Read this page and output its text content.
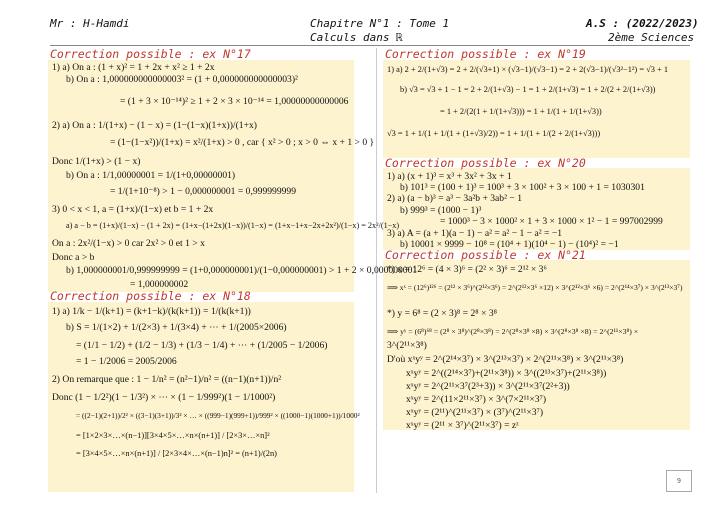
Mr : H-Hamdi	Chapitre N°1 : Tome 1
Calculs dans ℝ
A.S : (2022/2023)
2ème Sciences
Correction possible : ex N°17
1) a) On a : (1 + x)² = 1 + 2x + x² ≥ 1 + 2x
b) On a : 1,000000000000003² = (1 + 0,000000000000003)²
= (1 + 3 × 10⁻¹⁴)² ≥ 1 + 2 × 3 × 10⁻¹⁴ = 1,00000000000006
2) a) On a : 1/(1+x) − (1 − x) = (1−(1−x)(1+x))/(1+x)
= (1−(1−x²))/(1+x) = x²/(1+x) > 0 , car { x² > 0 ; x > 0 ⇔ x + 1 > 0 }
Donc 1/(1+x) > (1 − x)
b) On a : 1/1,00000001 = 1/(1+0,00000001)
= 1/(1+10⁻⁸) > 1 − 0,000000001 = 0,999999999
3) 0 < x < 1, a = (1+x)/(1−x) et b = 1 + 2x
a) a − b = (1+x)/(1−x) − (1 + 2x) = (1+x−(1+2x)(1−x))/(1−x) = (1+x−1+x−2x+2x²)/(1−x) = 2x²/(1−x)
On a : 2x²/(1−x) > 0 car 2x² > 0 et 1 > x
Donc a > b
b) 1,000000001/0,999999999 = (1+0,000000001)/(1−0,000000001) > 1 + 2 × 0,000000001
= 1,000000002
Correction possible : ex N°18
1) a) 1/k − 1/(k+1) = (k+1−k)/(k(k+1)) = 1/(k(k+1))
b) S = 1/(1×2) + 1/(2×3) + 1/(3×4) + ⋯ + 1/(2005×2006)
= (1/1 − 1/2) + (1/2 − 1/3) + (1/3 − 1/4) + ⋯ + (1/2005 − 1/2006)
= 1 − 1/2006 = 2005/2006
2) On remarque que : 1 − 1/n² = (n²−1)/n² = ((n−1)(n+1))/n²
Donc (1 − 1/2²)(1 − 1/3²) × ⋯ × (1 − 1/999²)(1 − 1/1000²)
= ((2−1)(2+1))/2² × ((3−1)(3+1))/3² × … × ((999−1)(999+1))/999² × ((1000−1)(1000+1))/1000²
= [1×2×3×…×(n−1)][3×4×5×…×n×(n+1)] / [2×3×…×n]²
= [3×4×5×…×n×(n+1)] / [2×3×4×…×(n−1)n]² = (n+1)/(2n)
Correction possible : ex N°19
1) a) 2 + 2/(1+√3) = 2 + 2/(√3+1) × (√3−1)/(√3−1) = 2 + 2(√3−1)/(√3²−1²) = √3 + 1
b) √3 = √3 + 1 − 1 = 2 + 2/(1+√3) − 1 = 1 + 2/(1+√3) = 1 + 2/(2 + 2/(1+√3))
= 1 + 2/(2(1 + 1/(1+√3))) = 1 + 1/(1 + 1/(1+√3))
√3 = 1 + 1/(1 + 1/(1 + (1+√3)/2)) = 1 + 1/(1 + 1/(2 + 2/(1+√3)))
Correction possible : ex N°20
1) a) (x + 1)³ = x³ + 3x² + 3x + 1
b) 101³ = (100 + 1)³ = 100³ + 3 × 100² + 3 × 100 + 1 = 1030301
2) a) (a − b)³ = a³ − 3a²b + 3ab² − 1
b) 999³ = (1000 − 1)³
= 1000³ − 3 × 1000² × 1 + 3 × 1000 × 1² − 1 = 997002999
3) a) A = (a + 1)(a − 1) − a² = a² − 1 − a² = −1
b) 10001 × 9999 − 10⁸ = (10⁴ + 1)(10⁴ − 1) − (10⁴)² = −1
Correction possible : ex N°21
*) x = 12⁶ = (4 × 3)⁶ = (2² × 3)⁶ = 2¹² × 3⁶
⟹ xˣ = (12⁶)¹²⁶ = (2¹² × 3⁶)^(2¹²×3⁶) = 2^(2¹²×3⁶ ×12) × 3^(2¹²×3⁶ ×6) = 2^(2¹⁴×3⁷) × 3^(2¹³×3⁷)
*) y = 6⁸ = (2 × 3)⁸ = 2⁸ × 3⁸
⟹ yʸ = (6⁸)⁶⁸ = (2⁸ × 3⁸)^(2⁸×3⁸) = 2^(2⁸×3⁸ ×8) × 3^(2⁸×3⁸ ×8) = 2^(2¹¹×3⁸) ×
3^(2¹¹×3⁸)
D'où xˣyʸ = 2^(2¹⁴×3⁷) × 3^(2¹³×3⁷) × 2^(2¹¹×3⁸) × 3^(2¹¹×3⁸)
xˣyʸ = 2^((2¹⁴×3⁷)+(2¹¹×3⁸)) × 3^((2¹³×3⁷)+(2¹¹×3⁸))
xˣyʸ = 2^(2¹¹×3⁷(2³+3)) × 3^(2¹¹×3⁷(2²+3))
xˣyʸ = 2^(11×2¹¹×3⁷) × 3^(7×2¹¹×3⁷)
xˣyʸ = (2¹¹)^(2¹¹×3⁷) × (3⁷)^(2¹¹×3⁷)
xˣyʸ = (2¹¹ × 3⁷)^(2¹¹×3⁷) = zᶻ
9
